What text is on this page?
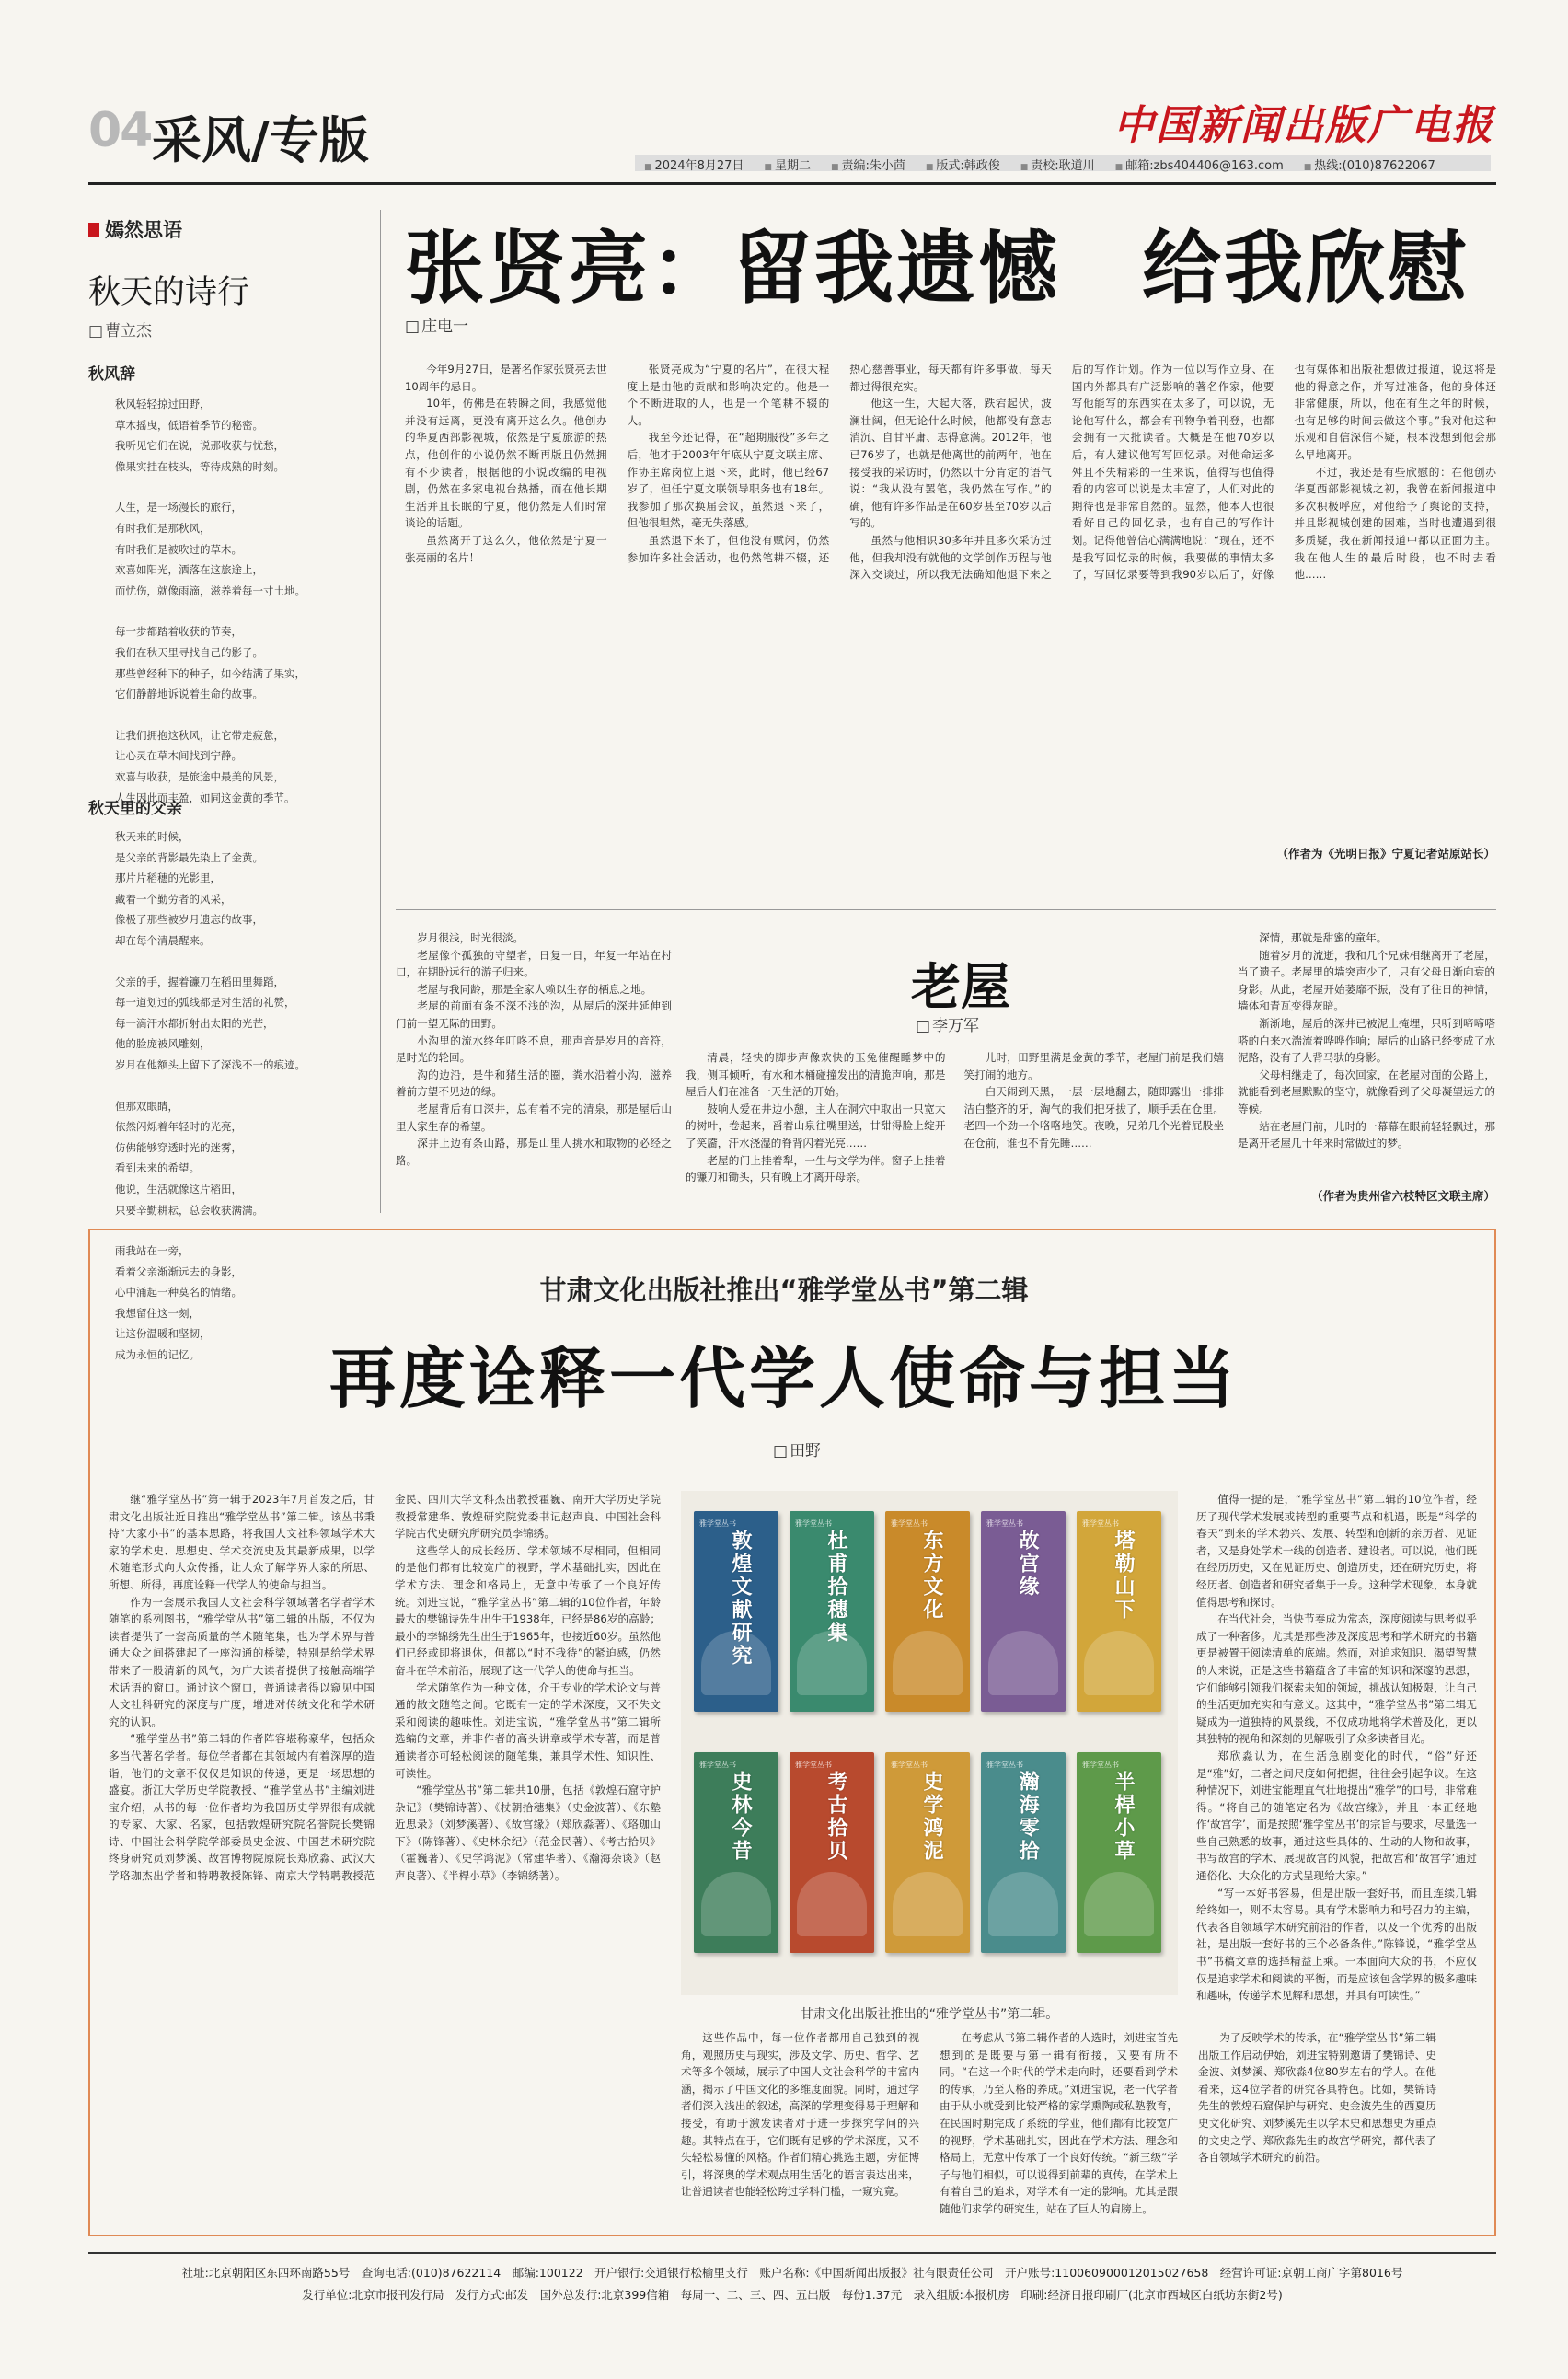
04 采风/专版	中国新闻出版广电报
■ 2024年8月27日	■ 星期二	■ 责编:朱小茴	■ 版式:韩政俊	■ 责校:耿道川	■ 邮箱:zbs404406@163.com	■ 热线:(010)87622067
嫣然思语
秋天的诗行
□ 曹立杰
秋风辞

秋风轻轻掠过田野，

草木摇曳，低语着季节的秘密。

我听见它们在说，说那收获与忧愁，

像果实挂在枝头，等待成熟的时刻。

人生，是一场漫长的旅行，

有时我们是那秋风，

有时我们是被吹过的草木。

欢喜如阳光，洒落在这旅途上，

而忧伤，就像雨滴，滋养着每一寸土地。

每一步都踏着收获的节奏，

我们在秋天里寻找自己的影子。

那些曾经种下的种子，如今结满了果实，

它们静静地诉说着生命的故事。

让我们拥抱这秋风，让它带走疲惫，

让心灵在草木间找到宁静。

欢喜与收获，是旅途中最美的风景，

人生因此而丰盈，如同这金黄的季节。

秋天里的父亲

秋天来的时候，

是父亲的背影最先染上了金黄。

那片片稻穗的光影里，

藏着一个勤劳者的风采，

像极了那些被岁月遗忘的故事，

却在每个清晨醒来。

父亲的手，握着镰刀在稻田里舞蹈，

每一道划过的弧线都是对生活的礼赞，

每一滴汗水都折射出太阳的光芒，

他的脸庞被风雕刻，

岁月在他额头上留下了深浅不一的痕迹。

但那双眼睛，

依然闪烁着年轻时的光亮，

仿佛能够穿透时光的迷雾，

看到未来的希望。

他说，生活就像这片稻田，

只要辛勤耕耘，总会收获满满。

雨我站在一旁，

看着父亲渐渐远去的身影，

心中涌起一种莫名的情绪。

我想留住这一刻，

让这份温暖和坚韧，

成为永恒的记忆。

张贤亮：留我遗憾　给我欣慰
□ 庄电一

今年9月27日，是著名作家张贤亮去世10周年的忌日。

10年，仿佛是在转瞬之间，我感觉他并没有远离，更没有离开这么久。他创办的华夏西部影视城，依然是宁夏旅游的热点，他创作的小说仍然不断再版且仍然拥有不少读者，根据他的小说改编的电视剧，仍然在多家电视台热播，而在他长期生活并且长眠的宁夏，他仍然是人们时常谈论的话题。

虽然离开了这么久，他依然是宁夏一张亮丽的名片！

张贤亮成为“宁夏的名片”，在很大程度上是由他的贡献和影响决定的。他是一个不断进取的人，也是一个笔耕不辍的人。

我至今还记得，在“超期服役”多年之后，他才于2003年年底从宁夏文联主席、作协主席岗位上退下来，此时，他已经67岁了，但任宁夏文联领导职务也有18年。我参加了那次换届会议，虽然退下来了，但他很坦然，毫无失落感。

虽然退下来了，但他没有赋闲，仍然参加许多社会活动，也仍然笔耕不辍，还热心慈善事业，每天都有许多事做，每天都过得很充实。

他这一生，大起大落，跌宕起伏，波澜壮阔，但无论什么时候，他都没有意志消沉、自甘平庸、志得意满。2012年，他已76岁了，也就是他离世的前两年，他在接受我的采访时，仍然以十分肯定的语气说：“我从没有罢笔，我仍然在写作。”的确，他有许多作品是在60岁甚至70岁以后写的。

虽然与他相识30多年并且多次采访过他，但我却没有就他的文学创作历程与他深入交谈过，所以我无法确知他退下来之后的写作计划。作为一位以写作立身、在国内外都具有广泛影响的著名作家，他要写他能写的东西实在太多了，可以说，无论他写什么，都会有刊物争着刊登，也都会拥有一大批读者。大概是在他70岁以后，有人建议他写写回忆录。对他命运多舛且不失精彩的一生来说，值得写也值得看的内容可以说是太丰富了，人们对此的期待也是非常自然的。显然，他本人也很看好自己的回忆录，也有自己的写作计划。记得他曾信心满满地说：“现在，还不是我写回忆录的时候，我要做的事情太多了，写回忆录要等到我90岁以后了，好像也有媒体和出版社想做过报道，说这将是他的得意之作，并写过准备，他的身体还非常健康，所以，他在有生之年的时候，也有足够的时间去做这个事。”我对他这种乐观和自信深信不疑，根本没想到他会那么早地离开。

不过，我还是有些欣慰的：在他创办华夏西部影视城之初，我曾在新闻报道中多次积极呼应，对他给予了舆论的支持，并且影视城创建的困难，当时也遭遇到很多质疑，我在新闻报道中都以正面为主。我在他人生的最后时段，也不时去看他……

（作者为《光明日报》宁夏记者站原站长）
老屋
□ 李万军

岁月很浅，时光很淡。

老屋像个孤独的守望者，日复一日，年复一年站在村口，在期盼远行的游子归来。

老屋与我同龄，那是全家人赖以生存的栖息之地。

老屋的前面有条不深不浅的沟，从屋后的深井延伸到门前一望无际的田野。

小沟里的流水终年叮咚不息，那声音是岁月的音符，是时光的轮回。

沟的边沿，是牛和猪生活的圈，粪水沿着小沟，滋养着前方望不见边的绿。

老屋背后有口深井，总有着不完的清泉，那是屋后山里人家生存的希望。

深井上边有条山路，那是山里人挑水和取物的必经之路。

清晨，轻快的脚步声像欢快的玉兔催醒睡梦中的我，侧耳倾听，有水和木桶碰撞发出的清脆声响，那是屋后人们在准备一天生活的开始。

鼓响人爱在井边小憩，主人在洞穴中取出一只宽大的树叶，卷起来，舀着山泉往嘴里送，甘甜得脸上绽开了笑靥，汗水浇湿的脊背闪着光亮……

老屋的门上挂着犁，一生与文学为伴。窗子上挂着的镰刀和锄头，只有晚上才离开母亲。

儿时，田野里满是金黄的季节，老屋门前是我们嬉笑打闹的地方。

白天闹到天黑，一层一层地翻去，随即露出一排排洁白整齐的牙，淘气的我们把牙拔了，顺手丢在仓里。老四一个劲一个咯咯地笑。夜晚，兄弟几个光着屁股坐在仓前，谁也不肯先睡……

深情，那就是甜蜜的童年。

随着岁月的流逝，我和几个兄妹相继离开了老屋，当了遗子。老屋里的墙突声少了，只有父母日渐向衰的身影。从此，老屋开始萎靡不振，没有了往日的神情，墙体和青瓦变得灰暗。

渐渐地，屋后的深井已被泥土掩埋，只听到啼啼嗒嗒的白来水湍流着哗哗作响；屋后的山路已经变成了水泥路，没有了人背马驮的身影。

父母相继走了，每次回家，在老屋对面的公路上，就能看到老屋默默的坚守，就像看到了父母凝望远方的等候。

站在老屋门前，儿时的一幕幕在眼前轻轻飘过，那是离开老屋几十年来时常做过的梦。

（作者为贵州省六枝特区文联主席）
甘肃文化出版社推出“雅学堂丛书”第二辑
再度诠释一代学人使命与担当
□ 田野

继“雅学堂丛书”第一辑于2023年7月首发之后，甘肃文化出版社近日推出“雅学堂丛书”第二辑。该丛书秉持“大家小书”的基本思路，将我国人文社科领域学术大家的学术史、思想史、学术交流史及其最新成果，以学术随笔形式向大众传播，让大众了解学界大家的所思、所想、所得，再度诠释一代学人的使命与担当。

作为一套展示我国人文社会科学领域著名学者学术随笔的系列图书，“雅学堂丛书”第二辑的出版，不仅为读者提供了一套高质量的学术随笔集，也为学术界与普通大众之间搭建起了一座沟通的桥梁，特别是给学术界带来了一股清新的风气，为广大读者提供了接触高端学术话语的窗口。通过这个窗口，普通读者得以窥见中国人文社科研究的深度与广度，增进对传统文化和学术研究的认识。

“雅学堂丛书”第二辑的作者阵容堪称豪华，包括众多当代著名学者。每位学者都在其领域内有着深厚的造诣，他们的文章不仅仅是知识的传递，更是一场思想的盛宴。浙江大学历史学院教授、“雅学堂丛书”主编刘进宝介绍，从书的每一位作者均为我国历史学界很有成就的专家、大家、名家，包括敦煌研究院名誉院长樊锦诗、中国社会科学院学部委员史金波、中国艺术研究院终身研究员刘梦溪、故宫博物院原院长郑欣淼、武汉大学珞珈杰出学者和特聘教授陈锋、南京大学特聘教授范金民、四川大学文科杰出教授霍巍、南开大学历史学院教授常建华、敦煌研究院党委书记赵声良、中国社会科学院古代史研究所研究员李锦绣。

这些学人的成长经历、学术领域不尽相同，但相同的是他们都有比较宽广的视野，学术基础扎实，因此在学术方法、理念和格局上，无意中传承了一个良好传统。刘进宝说，“雅学堂丛书”第二辑的10位作者，年龄最大的樊锦诗先生出生于1938年，已经是86岁的高龄；最小的李锦绣先生出生于1965年，也接近60岁。虽然他们已经或即将退休，但都以“时不我待”的紧迫感，仍然奋斗在学术前沿，展现了这一代学人的使命与担当。

学术随笔作为一种文体，介于专业的学术论文与普通的散文随笔之间。它既有一定的学术深度，又不失文采和阅读的趣味性。刘进宝说，“雅学堂丛书”第二辑所选编的文章，并非作者的高头讲章或学术专著，而是普通读者亦可轻松阅读的随笔集，兼具学术性、知识性、可读性。

“雅学堂丛书”第二辑共10册，包括《敦煌石窟守护杂记》（樊锦诗著）、《杖朝拾穗集》（史金波著）、《东塾近思录》（刘梦溪著）、《故宫缘》（郑欣淼著）、《珞珈山下》（陈锋著）、《史林余纪》（范金民著）、《考古拾贝》（霍巍著）、《史学鸿泥》（常建华著）、《瀚海杂谈》（赵声良著）、《半桿小草》（李锦绣著）。

这些作品中，每一位作者都用自己独到的视角，观照历史与现实，涉及文学、历史、哲学、艺术等多个领域，展示了中国人文社会科学的丰富内涵，揭示了中国文化的多维度面貌。同时，通过学者们深入浅出的叙述，高深的学理变得易于理解和接受，有助于激发读者对于进一步探究学问的兴趣。其特点在于，它们既有足够的学术深度，又不失轻松易懂的风格。作者们精心挑选主题，旁征博引，将深奥的学术观点用生活化的语言表达出来，让普通读者也能轻松跨过学科门槛，一窥究竟。

在考虑从书第二辑作者的人选时，刘进宝首先想到的是既要与第一辑有衔接，又要有所不同。“在这一个时代的学术走向时，还要看到学术的传承，乃至人格的养成。”刘进宝说，老一代学者由于从小就受到比较严格的家学熏陶或私塾教育，在民国时期完成了系统的学业，他们都有比较宽广的视野，学术基础扎实，因此在学术方法、理念和格局上，无意中传承了一个良好传统。“新三级”学子与他们相似，可以说得到前辈的真传，在学术上有着自己的追求，对学术有一定的影响。尤其是跟随他们求学的研究生，站在了巨人的肩膀上。

为了反映学术的传承，在“雅学堂丛书”第二辑出版工作启动伊始，刘进宝特别邀请了樊锦诗、史金波、刘梦溪、郑欣淼4位80岁左右的学人。在他看来，这4位学者的研究各具特色。比如，樊锦诗先生的敦煌石窟保护与研究、史金波先生的西夏历史文化研究、刘梦溪先生以学术史和思想史为重点的文史之学、郑欣淼先生的故宫学研究，都代表了各自领域学术研究的前沿。

值得一提的是，“雅学堂丛书”第二辑的10位作者，经历了现代学术发展或转型的重要节点和机遇，既是“科学的春天”到来的学术勃兴、发展、转型和创新的亲历者、见证者，又是身处学术一线的创造者、建设者。可以说，他们既在经历历史，又在见证历史、创造历史，还在研究历史，将经历者、创造者和研究者集于一身。这种学术现象，本身就值得思考和探讨。

在当代社会，当快节奏成为常态，深度阅读与思考似乎成了一种奢侈。尤其是那些涉及深度思考和学术研究的书籍更是被置于阅读清单的底端。然而，对追求知识、渴望智慧的人来说，正是这些书籍蕴含了丰富的知识和深邃的思想，它们能够引领我们探索未知的领域，挑战认知极限，让自己的生活更加充实和有意义。这其中，“雅学堂丛书”第二辑无疑成为一道独特的风景线，不仅成功地将学术普及化，更以其独特的视角和深刻的见解吸引了众多读者目光。

郑欣淼认为，在生活急剧变化的时代，“俗”好还是“雅”好，二者之间尺度如何把握，往往会引起争议。在这种情况下，刘进宝能理直气壮地提出“雅学”的口号，非常难得。“将自己的随笔定名为《故宫缘》，并且一本正经地作‘故宫学’，而是按照‘雅学堂丛书’的宗旨与要求，尽量选一些自己熟悉的故事，通过这些具体的、生动的人物和故事，书写故宫的学术、展现故宫的风貌，把故宫和‘故宫学’通过通俗化、大众化的方式呈现给大家。”

“写一本好书容易，但是出版一套好书，而且连续几辑给终如一，则不太容易。具有学术影响力和号召力的主编，代表各自领域学术研究前沿的作者，以及一个优秀的出版社，是出版一套好书的三个必备条件。”陈锋说，“雅学堂丛书”书稿文章的选择精益上乘。一本面向大众的书，不应仅仅是追求学术和阅读的平衡，而是应该包含学界的极多趣味和趣味，传递学术见解和思想，并具有可读性。”

雅学堂丛书
敦煌文献研究
雅学堂丛书
杜甫拾穗集
雅学堂丛书
东方文化
雅学堂丛书
故宫缘
雅学堂丛书
塔勒山下
雅学堂丛书
史林今昔
雅学堂丛书
考古拾贝
雅学堂丛书
史学鸿泥
雅学堂丛书
瀚海零拾
雅学堂丛书
半桿小草
甘肃文化出版社推出的“雅学堂丛书”第二辑。
社址:北京朝阳区东四环南路55号　查询电话:(010)87622114　邮编:100122　开户银行:交通银行松榆里支行　账户名称:《中国新闻出版报》社有限责任公司　开户账号:110060900012015027658　经营许可证:京朝工商广字第8016号
发行单位:北京市报刊发行局　发行方式:邮发　国外总发行:北京399信箱　每周一、二、三、四、五出版　每份1.37元　录入组版:本报机房　印刷:经济日报印刷厂(北京市西城区白纸坊东街2号)
